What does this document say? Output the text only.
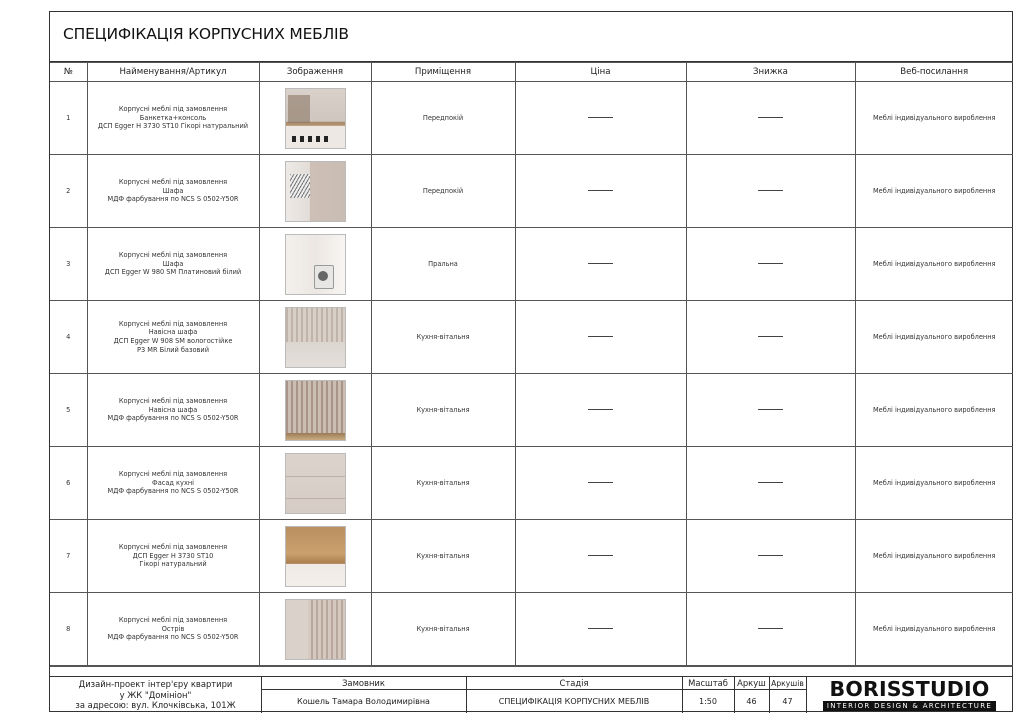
СПЕЦИФІКАЦІЯ КОРПУСНИХ МЕБЛІВ
№	Найменування/Артикул	Зображення	Приміщення	Ціна	Знижка	Веб-посилання
1	Корпусні меблі під замовлення
Банкетка+консоль
ДСП Egger H 3730 ST10 Гікорі натуральний		Передпокій			Меблі індивідуального вироблення
2	Корпусні меблі під замовлення
Шафа
МДФ фарбування по NCS S 0502-Y50R		Передпокій			Меблі індивідуального вироблення
3	Корпусні меблі під замовлення
Шафа
ДСП Egger W 980 SM Платиновий білий		Пральна			Меблі індивідуального вироблення
4	Корпусні меблі під замовлення
Навісна шафа
ДСП Egger W 908 SM вологостійке
P3 MR Білий базовий		Кухня-вітальня			Меблі індивідуального вироблення
5	Корпусні меблі під замовлення
Навісна шафа
МДФ фарбування по NCS S 0502-Y50R		Кухня-вітальня			Меблі індивідуального вироблення
6	Корпусні меблі під замовлення
Фасад кухні
МДФ фарбування по NCS S 0502-Y50R		Кухня-вітальня			Меблі індивідуального вироблення
7	Корпусні меблі під замовлення
ДСП Egger H 3730 ST10
Гікорі натуральний		Кухня-вітальня			Меблі індивідуального вироблення
8	Корпусні меблі під замовлення
Острів
МДФ фарбування по NCS S 0502-Y50R		Кухня-вітальня			Меблі індивідуального вироблення
Дизайн-проект інтер'єру квартири
у ЖК "Домініон"
за адресою: вул. Клочківська, 101Ж
Замовник
Кошель Тамара Володимирівна
Стадія
СПЕЦИФІКАЦІЯ КОРПУСНИХ МЕБЛІВ
Масштаб
1:50
Аркуш
46
Аркушів
47	BORISSTUDIO
INTERIOR DESIGN & ARCHITECTURE
